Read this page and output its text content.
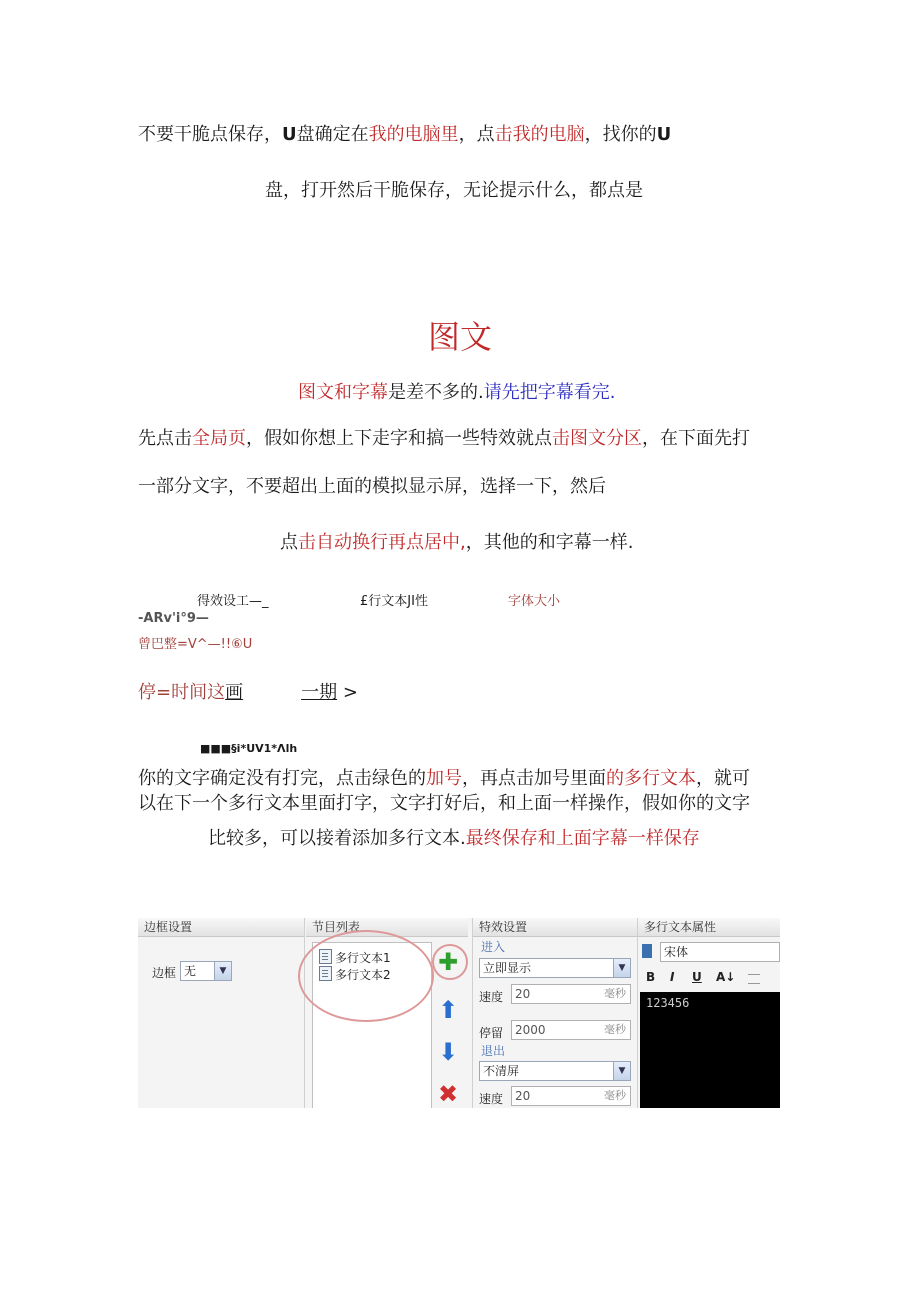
不要干脆点保存，U盘确定在我的电脑里，点击我的电脑，找你的U
盘，打开然后干脆保存，无论提示什么，都点是
图文
图文和字幕是差不多的.请先把字幕看完.
先点击全局页，假如你想上下走字和搞一些特效就点击图文分区，在下面先打
一部分文字，不要超出上面的模拟显示屏，选择一下，然后
点击自动换行再点居中,，其他的和字幕一样.
得效设工—_	£行文本JI性	字体大小
-ARv'i°9—
曾巴整=V^—!!⑥U
停=时间这画	一期 >
■■■§i*UV1*Λlh
你的文字确定没有打完，点击绿色的加号，再点击加号里面的多行文本，就可
以在下一个多行文本里面打字，文字打好后，和上面一样操作，假如你的文字
比较多，可以接着添加多行文本.最终保存和上面字幕一样保存
边框设置
边框 无	▼
节目列表
多行文本1
多行文本2 ✚
⬆
⬇
✖
特效设置
进入
立即显示	▼
速度 20	毫秒
停留 2000	毫秒
退出
不清屏	▼
速度 20	毫秒
多行文本属性
宋体
B I U A↓
123456
